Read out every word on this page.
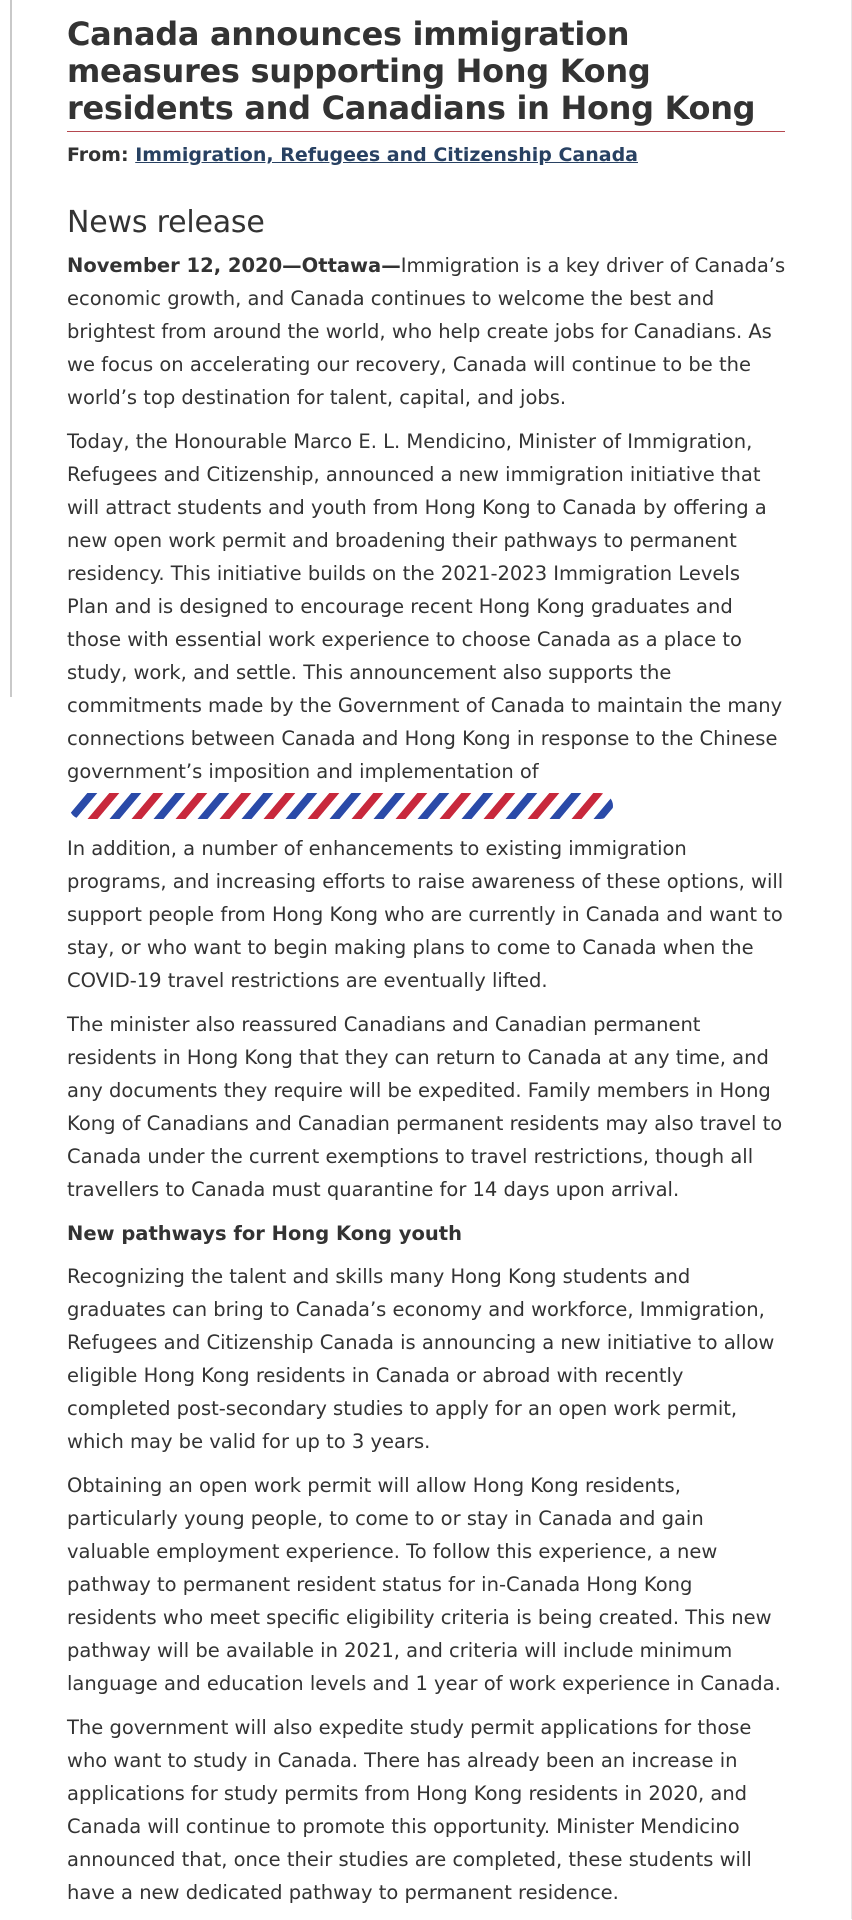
Canada announces immigration measures supporting Hong Kong residents and Canadians in Hong Kong
From: Immigration, Refugees and Citizenship Canada
News release

November 12, 2020—Ottawa—Immigration is a key driver of Canada’s economic growth, and Canada continues to welcome the best and brightest from around the world, who help create jobs for Canadians. As we focus on accelerating our recovery, Canada will continue to be the world’s top destination for talent, capital, and jobs.

Today, the Honourable Marco E. L. Mendicino, Minister of Immigration, Refugees and Citizenship, announced a new immigration initiative that will attract students and youth from Hong Kong to Canada by offering a new open work permit and broadening their pathways to permanent residency. This initiative builds on the 2021-2023 Immigration Levels Plan and is designed to encourage recent Hong Kong graduates and those with essential work experience to choose Canada as a place to study, work, and settle. This announcement also supports the commitments made by the Government of Canada to maintain the many connections between Canada and Hong Kong in response to the Chinese government’s imposition and implementation of

In addition, a number of enhancements to existing immigration programs, and increasing efforts to raise awareness of these options, will support people from Hong Kong who are currently in Canada and want to stay, or who want to begin making plans to come to Canada when the COVID-19 travel restrictions are eventually lifted.

The minister also reassured Canadians and Canadian permanent residents in Hong Kong that they can return to Canada at any time, and any documents they require will be expedited. Family members in Hong Kong of Canadians and Canadian permanent residents may also travel to Canada under the current exemptions to travel restrictions, though all travellers to Canada must quarantine for 14 days upon arrival.

New pathways for Hong Kong youth

Recognizing the talent and skills many Hong Kong students and graduates can bring to Canada’s economy and workforce, Immigration, Refugees and Citizenship Canada is announcing a new initiative to allow eligible Hong Kong residents in Canada or abroad with recently completed post-secondary studies to apply for an open work permit, which may be valid for up to 3 years.

Obtaining an open work permit will allow Hong Kong residents, particularly young people, to come to or stay in Canada and gain valuable employment experience. To follow this experience, a new pathway to permanent resident status for in-Canada Hong Kong residents who meet specific eligibility criteria is being created. This new pathway will be available in 2021, and criteria will include minimum language and education levels and 1 year of work experience in Canada.

The government will also expedite study permit applications for those who want to study in Canada. There has already been an increase in applications for study permits from Hong Kong residents in 2020, and Canada will continue to promote this opportunity. Minister Mendicino announced that, once their studies are completed, these students will have a new dedicated pathway to permanent residence.
